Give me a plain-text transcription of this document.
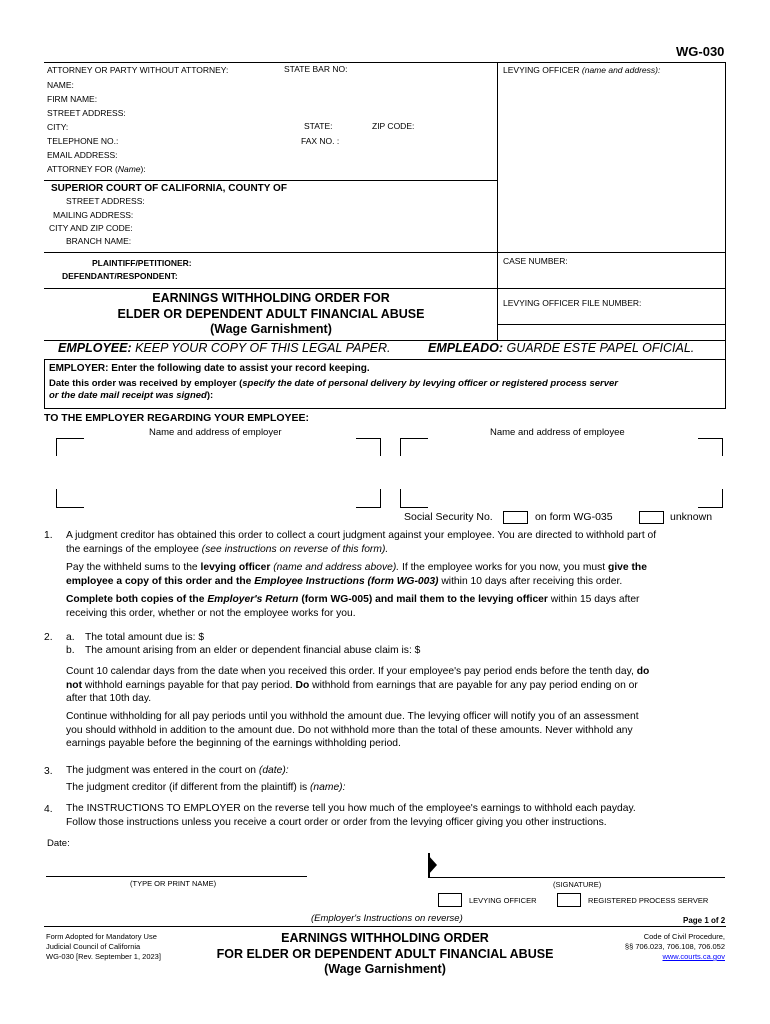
WG-030
ATTORNEY OR PARTY WITHOUT ATTORNEY:	STATE BAR NO:	LEVYING OFFICER (name and address):
NAME:
FIRM NAME:
STREET ADDRESS:
CITY:	STATE:	ZIP CODE:
TELEPHONE NO.:	FAX NO. :
EMAIL ADDRESS:
ATTORNEY FOR (Name):
SUPERIOR COURT OF CALIFORNIA, COUNTY OF
STREET ADDRESS:
MAILING ADDRESS:
CITY AND ZIP CODE:
BRANCH NAME:
PLAINTIFF/PETITIONER:
DEFENDANT/RESPONDENT:
CASE NUMBER:
LEVYING OFFICER FILE NUMBER:
EARNINGS WITHHOLDING ORDER FOR
ELDER OR DEPENDENT ADULT FINANCIAL ABUSE
(Wage Garnishment)
EMPLOYEE: KEEP YOUR COPY OF THIS LEGAL PAPER.	EMPLEADO: GUARDE ESTE PAPEL OFICIAL.
EMPLOYER: Enter the following date to assist your record keeping.
Date this order was received by employer (specify the date of personal delivery by levying officer or registered process server
or the date mail receipt was signed):
TO THE EMPLOYER REGARDING YOUR EMPLOYEE:
Name and address of employer	Name and address of employee
Social Security No.	on form WG-035	unknown
1. A judgment creditor has obtained this order to collect a court judgment against your employee. You are directed to withhold part of
the earnings of the employee (see instructions on reverse of this form).
Pay the withheld sums to the levying officer (name and address above). If the employee works for you now, you must give the
employee a copy of this order and the Employee Instructions (form WG-003) within 10 days after receiving this order.
Complete both copies of the Employer's Return (form WG-005) and mail them to the levying officer within 15 days after
receiving this order, whether or not the employee works for you.
2. a. The total amount due is: $
b. The amount arising from an elder or dependent financial abuse claim is: $
Count 10 calendar days from the date when you received this order. If your employee's pay period ends before the tenth day, do
not withhold earnings payable for that pay period. Do withhold from earnings that are payable for any pay period ending on or
after that 10th day.
Continue withholding for all pay periods until you withhold the amount due. The levying officer will notify you of an assessment
you should withhold in addition to the amount due. Do not withhold more than the total of these amounts. Never withhold any
earnings payable before the beginning of the earnings withholding period.
3. The judgment was entered in the court on (date):
The judgment creditor (if different from the plaintiff) is (name):
4. The INSTRUCTIONS TO EMPLOYER on the reverse tell you how much of the employee's earnings to withhold each payday.
Follow those instructions unless you receive a court order or order from the levying officer giving you other instructions.
Date:
(TYPE OR PRINT NAME)	(SIGNATURE)
LEVYING OFFICER	REGISTERED PROCESS SERVER
(Employer's Instructions on reverse)	Page 1 of 2
Form Adopted for Mandatory Use
Judicial Council of California
WG-030 [Rev. September 1, 2023]
EARNINGS WITHHOLDING ORDER
FOR ELDER OR DEPENDENT ADULT FINANCIAL ABUSE
(Wage Garnishment)
Code of Civil Procedure,
§§ 706.023, 706.108, 706.052
www.courts.ca.gov
